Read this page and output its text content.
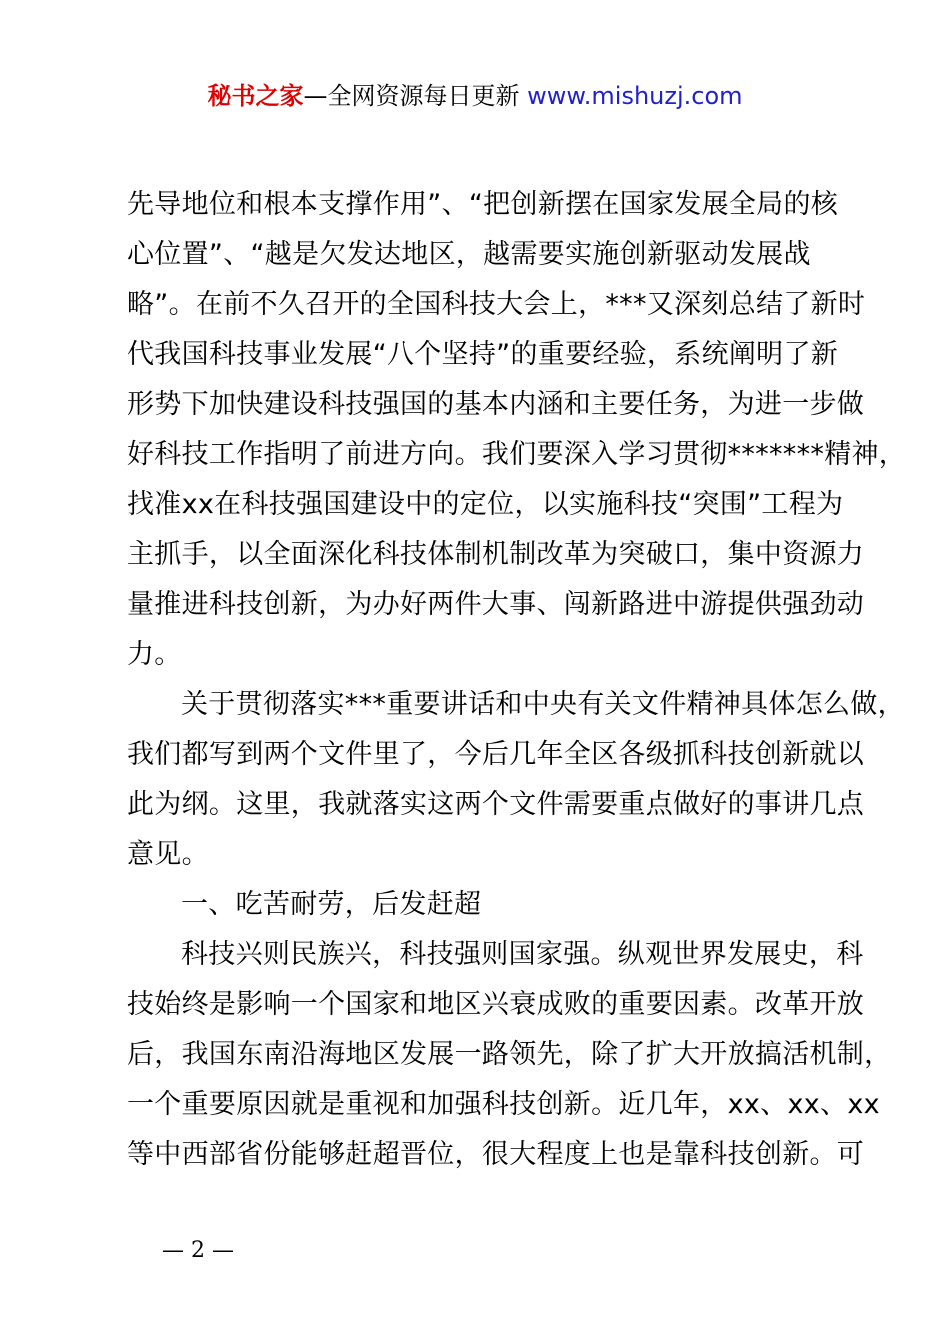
秘书之家—全网资源每日更新 www.mishuzj.com
先导地位和根本支撑作用”、“把创新摆在国家发展全局的核
心位置”、“越是欠发达地区，越需要实施创新驱动发展战
略”。在前不久召开的全国科技大会上，***又深刻总结了新时
代我国科技事业发展“八个坚持”的重要经验，系统阐明了新
形势下加快建设科技强国的基本内涵和主要任务，为进一步做
好科技工作指明了前进方向。我们要深入学习贯彻*******精神，
找准xx在科技强国建设中的定位，以实施科技“突围”工程为
主抓手，以全面深化科技体制机制改革为突破口，集中资源力
量推进科技创新，为办好两件大事、闯新路进中游提供强劲动
力。
关于贯彻落实***重要讲话和中央有关文件精神具体怎么做，
我们都写到两个文件里了，今后几年全区各级抓科技创新就以
此为纲。这里，我就落实这两个文件需要重点做好的事讲几点
意见。
一、吃苦耐劳，后发赶超
科技兴则民族兴，科技强则国家强。纵观世界发展史，科
技始终是影响一个国家和地区兴衰成败的重要因素。改革开放
后，我国东南沿海地区发展一路领先，除了扩大开放搞活机制，
一个重要原因就是重视和加强科技创新。近几年，xx、xx、xx
等中西部省份能够赶超晋位，很大程度上也是靠科技创新。可
— 2 —
